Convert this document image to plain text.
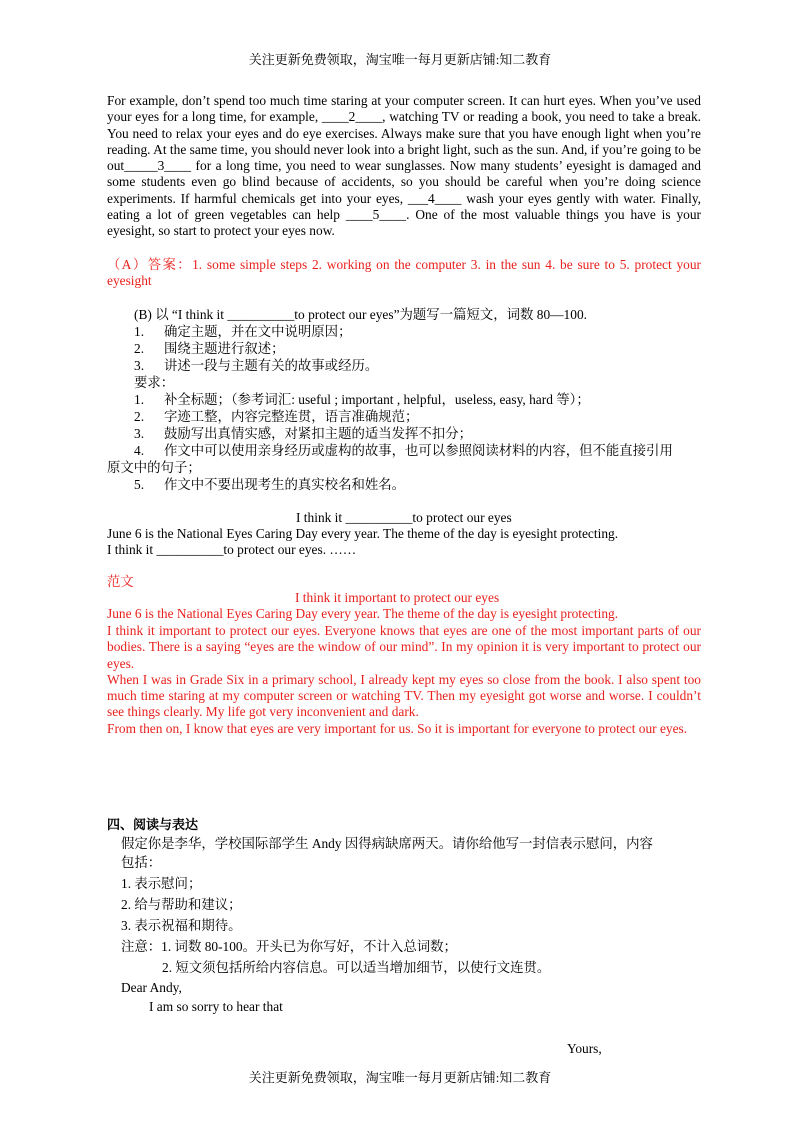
关注更新免费领取，淘宝唯一每月更新店铺:知二教育

For example, don’t spend too much time staring at your computer screen. It can hurt eyes. When you’ve used your eyes for a long time, for example, ____2____, watching TV or reading a book, you need to take a break. You need to relax your eyes and do eye exercises. Always make sure that you have enough light when you’re reading. At the same time, you should never look into a bright light, such as the sun. And, if you’re going to be out_____3____ for a long time, you need to wear sunglasses. Now many students’ eyesight is damaged and some students even go blind because of accidents, so you should be careful when you’re doing science experiments. If harmful chemicals get into your eyes, ___4____ wash your eyes gently with water. Finally, eating a lot of green vegetables can help ____5____. One of the most valuable things you have is your eyesight, so start to protect your eyes now.

（A）答案：1. some simple steps 2. working on the computer 3. in the sun 4. be sure to 5. protect your eyesight

(B) 以 “I think it __________to protect our eyes”为题写一篇短文，词数 80—100.
1. 确定主题，并在文中说明原因；
2. 围绕主题进行叙述；
3. 讲述一段与主题有关的故事或经历。
要求：
1. 补全标题；（参考词汇: useful ; important , helpful，useless, easy, hard 等）；
2. 字迹工整，内容完整连贯，语言准确规范；
3. 鼓励写出真情实感，对紧扣主题的适当发挥不扣分；
4. 作文中可以使用亲身经历或虚构的故事，也可以参照阅读材料的内容，但不能直接引用
原文中的句子；
5. 作文中不要出现考生的真实校名和姓名。
I think it __________to protect our eyes
June 6 is the National Eyes Caring Day every year. The theme of the day is eyesight protecting.
I think it __________to protect our eyes. ……
范文
I think it important to protect our eyes
June 6 is the National Eyes Caring Day every year. The theme of the day is eyesight protecting.

I think it important to protect our eyes. Everyone knows that eyes are one of the most important parts of our bodies. There is a saying “eyes are the window of our mind”. In my opinion it is very important to protect our eyes.

When I was in Grade Six in a primary school, I already kept my eyes so close from the book. I also spent too much time staring at my computer screen or watching TV. Then my eyesight got worse and worse. I couldn’t see things clearly. My life got very inconvenient and dark.

From then on, I know that eyes are very important for us. So it is important for everyone to protect our eyes.

四、阅读与表达
假定你是李华，学校国际部学生 Andy 因得病缺席两天。请你给他写一封信表示慰问，内容
包括：
1. 表示慰问；
2. 给与帮助和建议；
3. 表示祝福和期待。
注意：1. 词数 80-100。开头已为你写好，不计入总词数；
2. 短文须包括所给内容信息。可以适当增加细节，以使行文连贯。
Dear Andy,
I am so sorry to hear that
Yours,
关注更新免费领取，淘宝唯一每月更新店铺:知二教育
